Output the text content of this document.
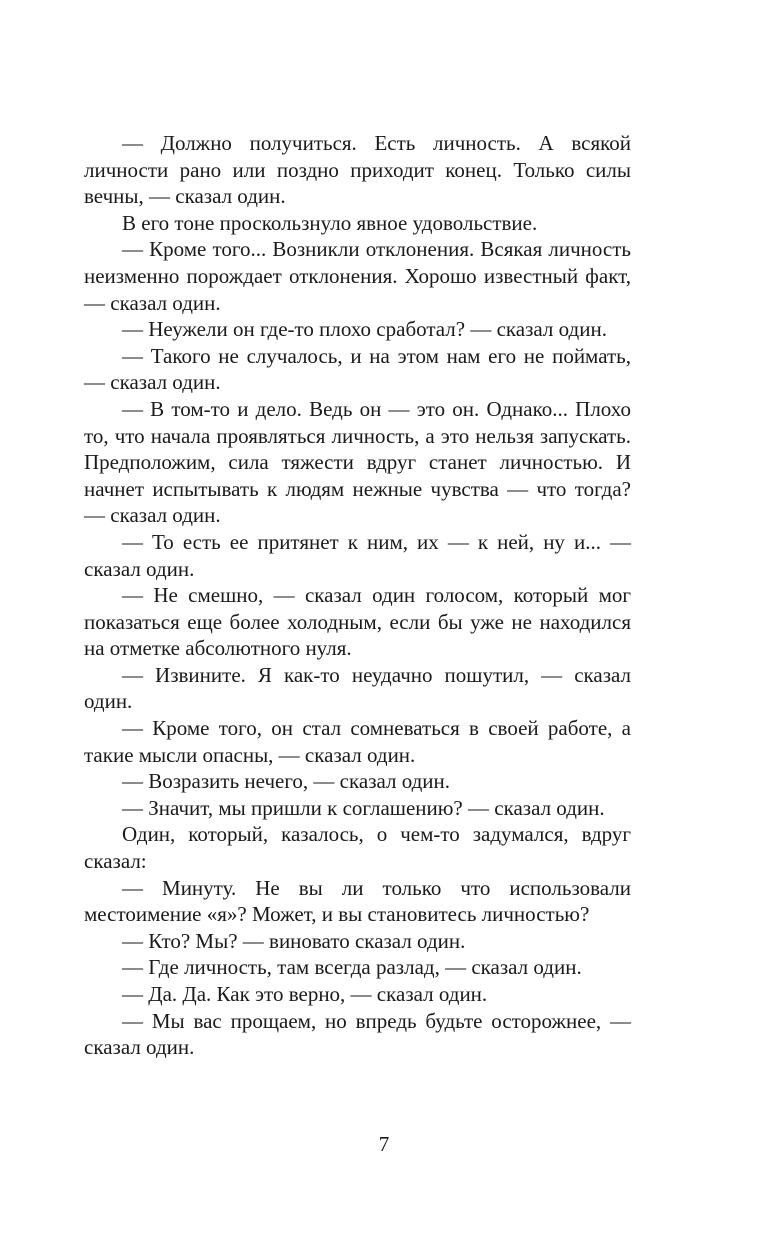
— Должно получиться. Есть личность. А всякой личности рано или поздно приходит конец. Только силы вечны, — сказал один.

В его тоне проскользнуло явное удовольствие.

— Кроме того... Возникли отклонения. Всякая личность неизменно порождает отклонения. Хорошо известный факт, — сказал один.

— Неужели он где-то плохо сработал? — сказал один.

— Такого не случалось, и на этом нам его не поймать, — сказал один.

— В том-то и дело. Ведь он — это он. Однако... Плохо то, что начала проявляться личность, а это нельзя запускать. Предположим, сила тяжести вдруг станет личностью. И начнет испытывать к людям нежные чувства — что тогда? — сказал один.

— То есть ее притянет к ним, их — к ней, ну и... — сказал один.

— Не смешно, — сказал один голосом, который мог показаться еще более холодным, если бы уже не находился на отметке абсолютного нуля.

— Извините. Я как-то неудачно пошутил, — сказал один.

— Кроме того, он стал сомневаться в своей работе, а такие мысли опасны, — сказал один.

— Возразить нечего, — сказал один.

— Значит, мы пришли к соглашению? — сказал один.

Один, который, казалось, о чем-то задумался, вдруг сказал:

— Минуту. Не вы ли только что использовали местоимение «я»? Может, и вы становитесь личностью?

— Кто? Мы? — виновато сказал один.

— Где личность, там всегда разлад, — сказал один.

— Да. Да. Как это верно, — сказал один.

— Мы вас прощаем, но впредь будьте осторожнее, — сказал один.

7
